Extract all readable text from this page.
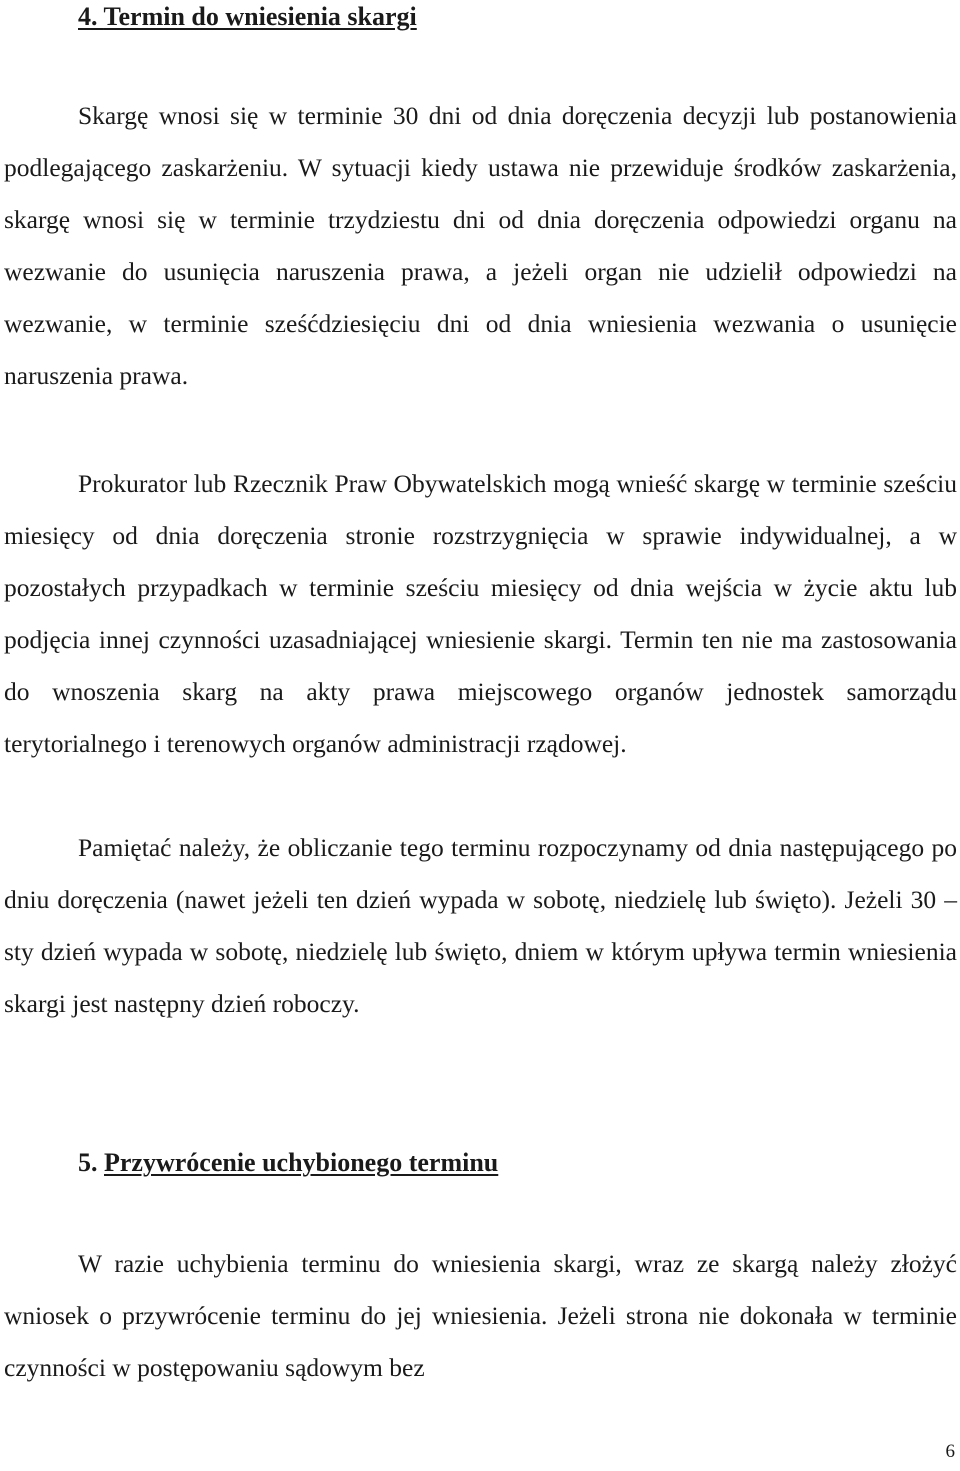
4. Termin do wniesienia skargi

Skargę wnosi się w terminie 30 dni od dnia doręczenia decyzji lub postanowienia podlegającego zaskarżeniu. W sytuacji kiedy ustawa nie przewiduje środków zaskarżenia, skargę wnosi się w terminie trzydziestu dni od dnia doręczenia odpowiedzi organu na wezwanie do usunięcia naruszenia prawa, a jeżeli organ nie udzielił odpowiedzi na wezwanie, w terminie sześćdziesięciu dni od dnia wniesienia wezwania o usunięcie naruszenia prawa.

Prokurator lub Rzecznik Praw Obywatelskich mogą wnieść skargę w terminie sześciu miesięcy od dnia doręczenia stronie rozstrzygnięcia w sprawie indywidualnej, a w pozostałych przypadkach w terminie sześciu miesięcy od dnia wejścia w życie aktu lub podjęcia innej czynności uzasadniającej wniesienie skargi. Termin ten nie ma zastosowania do wnoszenia skarg na akty prawa miejscowego organów jednostek samorządu terytorialnego i terenowych organów administracji rządowej.

Pamiętać należy, że obliczanie tego terminu rozpoczynamy od dnia następującego po dniu doręczenia (nawet jeżeli ten dzień wypada w sobotę, niedzielę lub święto). Jeżeli 30 – sty dzień wypada w sobotę, niedzielę lub święto, dniem w którym upływa termin wniesienia skargi jest następny dzień roboczy.

5. Przywrócenie uchybionego terminu

W razie uchybienia terminu do wniesienia skargi, wraz ze skargą należy złożyć wniosek o przywrócenie terminu do jej wniesienia. Jeżeli strona nie dokonała w terminie czynności w postępowaniu sądowym bez

6
